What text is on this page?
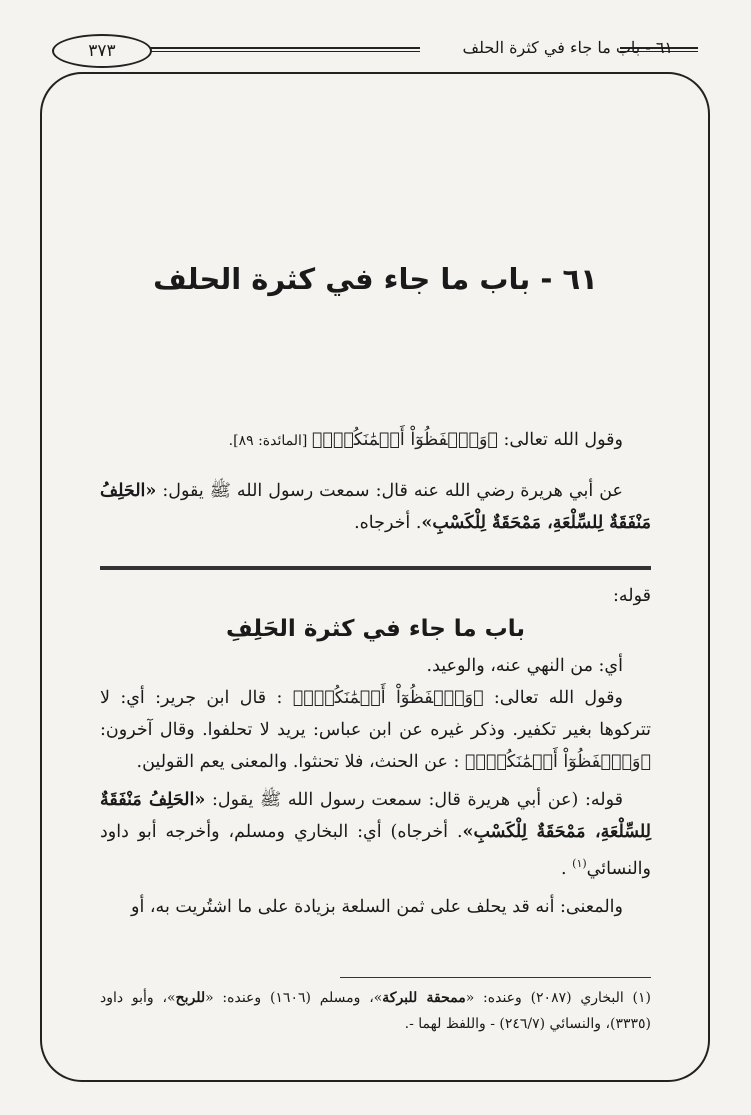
٦١ - باب ما جاء في كثرة الحلف
٣٧٣
٦١ - باب ما جاء في كثرة الحلف

وقول الله تعالى: ﴿وَٱحۡفَظُوٓاْ أَيۡمَٰنَكُمۡۚ﴾ [المائدة: ٨٩].

عن أبي هريرة رضي الله عنه قال: سمعت رسول الله ﷺ يقول: «الحَلِفُ مَنْفَقَةٌ لِلسِّلْعَةِ، مَمْحَقَةٌ لِلْكَسْبِ». أخرجاه.

قوله:

باب ما جاء في كثرة الحَلِفِ

أي: من النهي عنه، والوعيد.

وقول الله تعالى: ﴿وَٱحۡفَظُوٓاْ أَيۡمَٰنَكُمۡۚ﴾ : قال ابن جرير: أي: لا تتركوها بغير تكفير. وذكر غيره عن ابن عباس: يريد لا تحلفوا. وقال آخرون: ﴿وَٱحۡفَظُوٓاْ أَيۡمَٰنَكُمۡۚ﴾ : عن الحنث، فلا تحنثوا. والمعنى يعم القولين.

قوله: (عن أبي هريرة قال: سمعت رسول الله ﷺ يقول: «الحَلِفُ مَنْفَقَةٌ لِلسِّلْعَةِ، مَمْحَقَةٌ لِلْكَسْبِ». أخرجاه) أي: البخاري ومسلم، وأخرجه أبو داود والنسائي$^{(١)}$ .

والمعنى: أنه قد يحلف على ثمن السلعة بزيادة على ما اشتُريت به، أو

(١) البخاري (٢٠٨٧) وعنده: «ممحقة للبركة»، ومسلم (١٦٠٦) وعنده: «للربح»، وأبو داود (٣٣٣٥)، والنسائي (٢٤٦/٧) - واللفظ لهما -.
